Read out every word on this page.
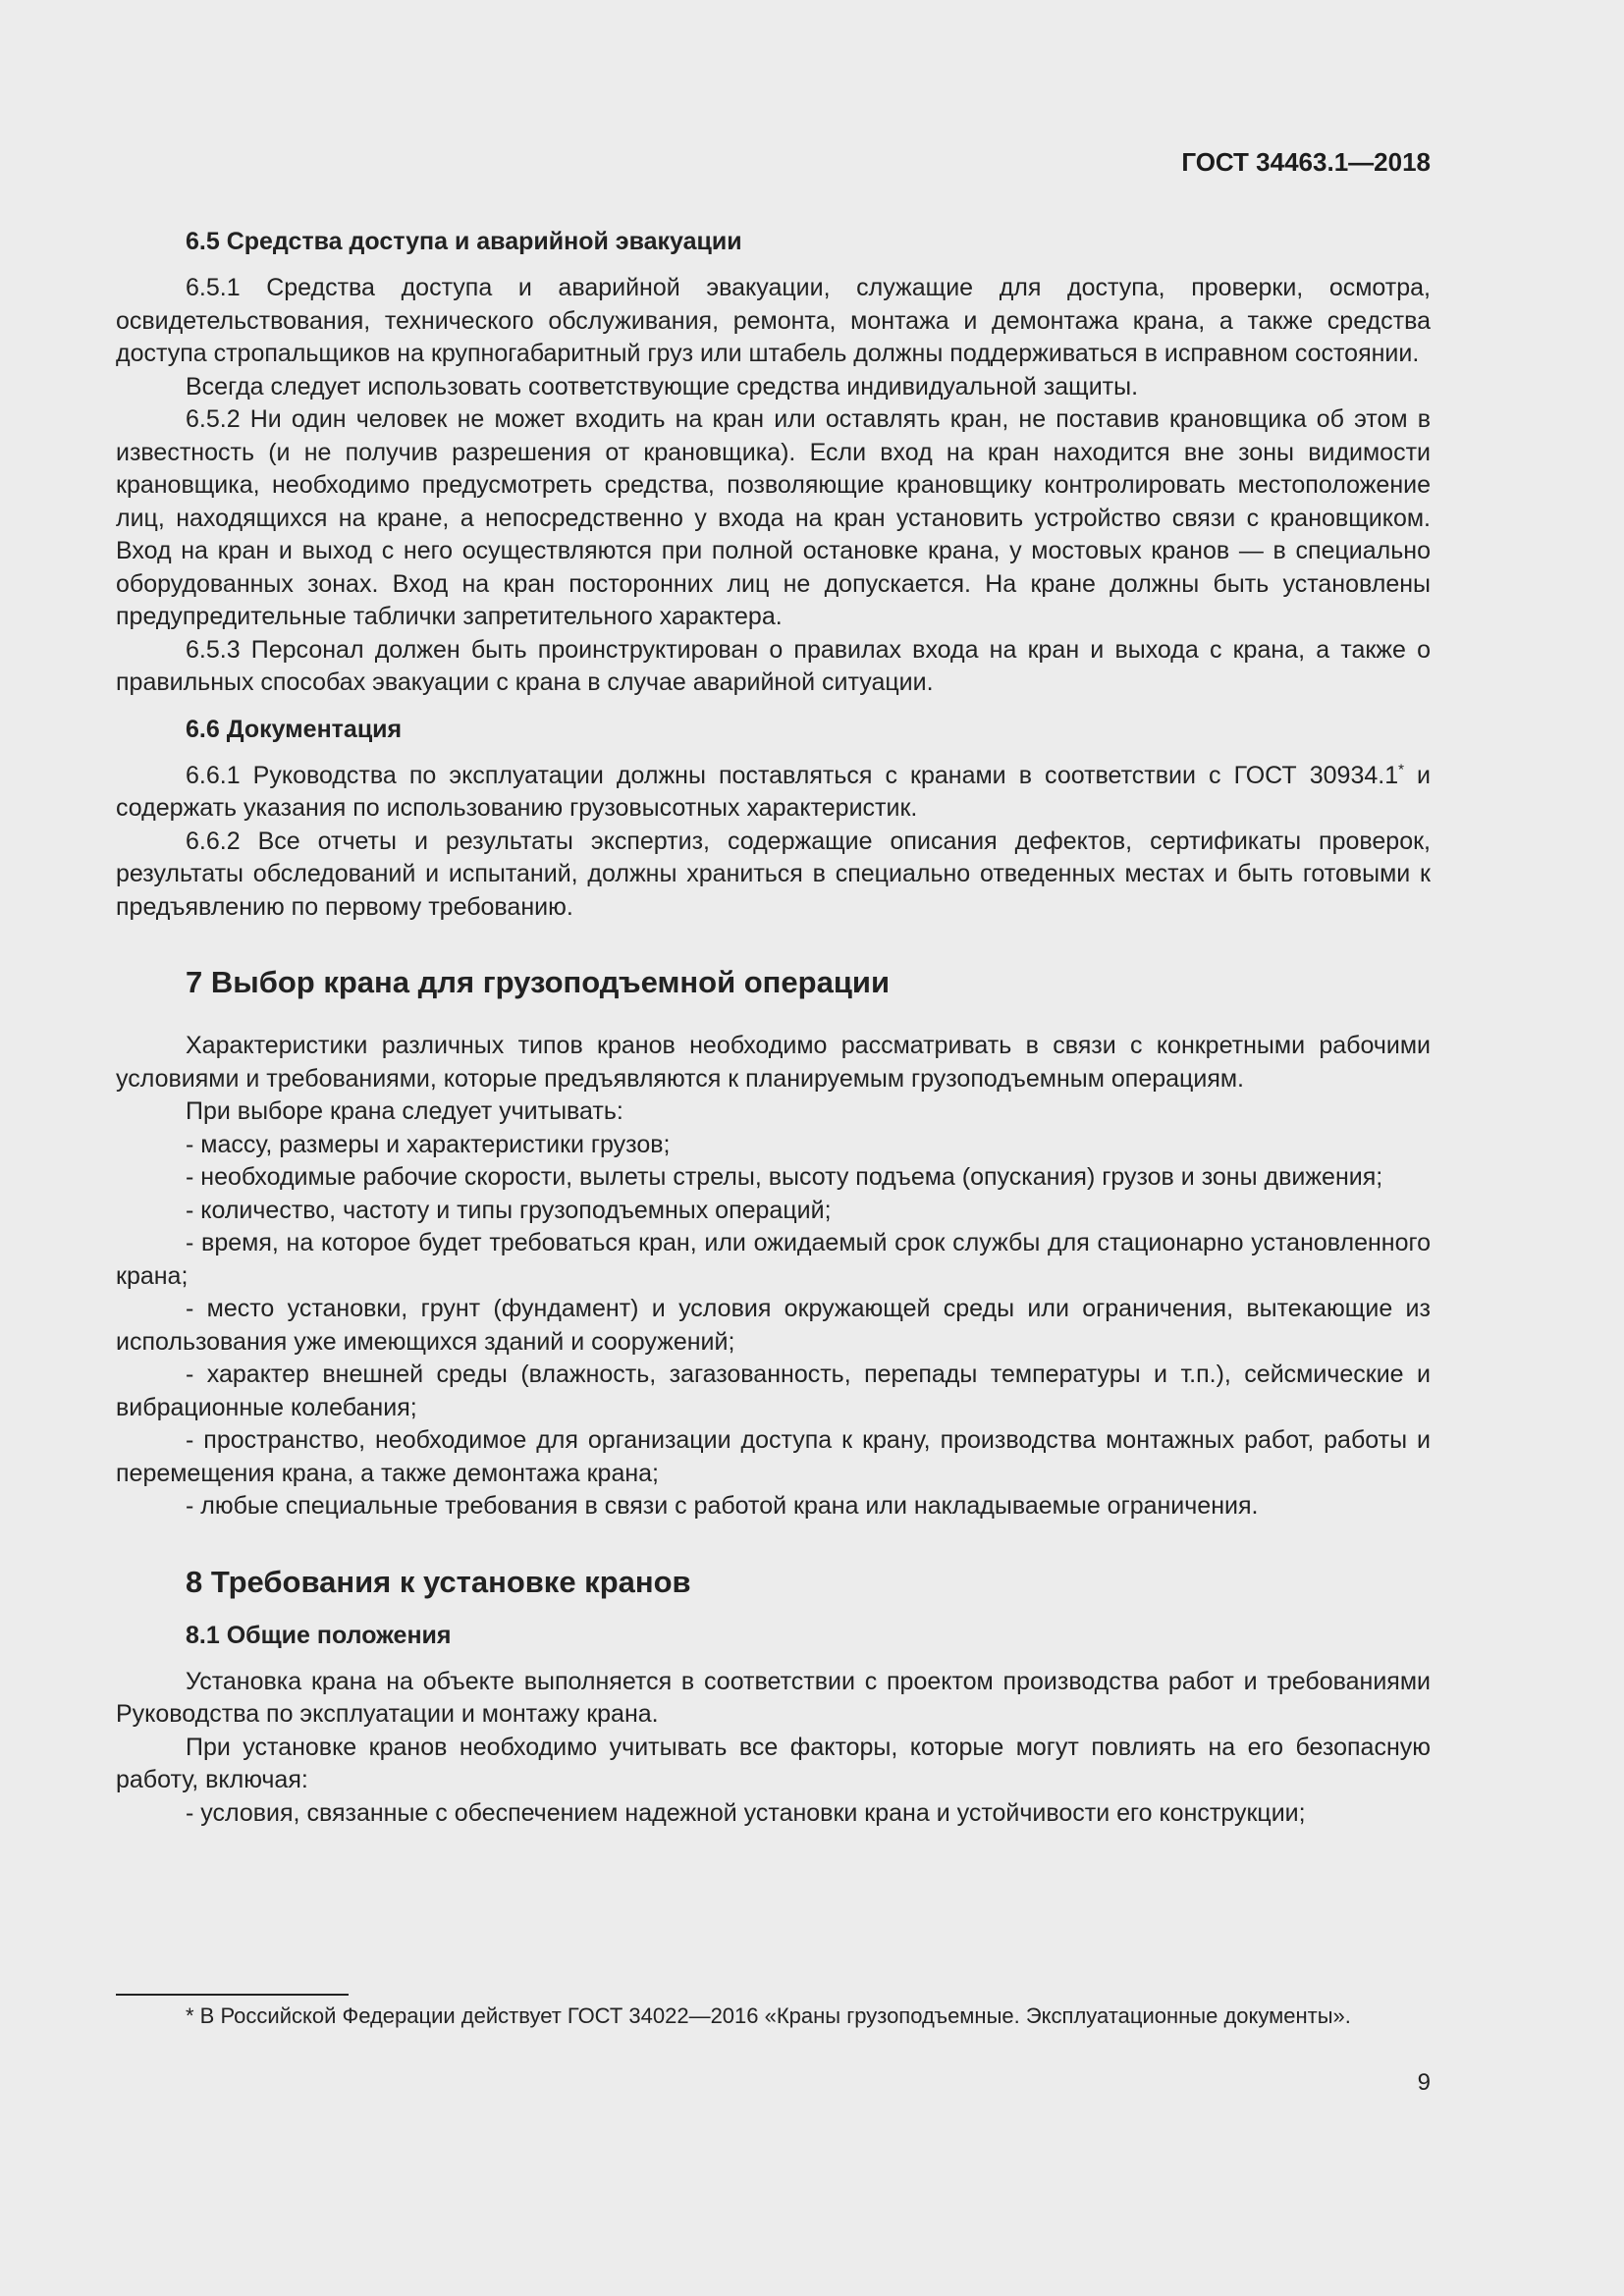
ГОСТ 34463.1—2018
6.5 Средства доступа и аварийной эвакуации

6.5.1 Средства доступа и аварийной эвакуации, служащие для доступа, проверки, осмотра, освидетельствования, технического обслуживания, ремонта, монтажа и демонтажа крана, а также средства доступа стропальщиков на крупногабаритный груз или штабель должны поддерживаться в исправном состоянии.

Всегда следует использовать соответствующие средства индивидуальной защиты.

6.5.2 Ни один человек не может входить на кран или оставлять кран, не поставив крановщика об этом в известность (и не получив разрешения от крановщика). Если вход на кран находится вне зоны видимости крановщика, необходимо предусмотреть средства, позволяющие крановщику контролировать местоположение лиц, находящихся на кране, а непосредственно у входа на кран установить устройство связи с крановщиком. Вход на кран и выход с него осуществляются при полной остановке крана, у мостовых кранов — в специально оборудованных зонах. Вход на кран посторонних лиц не допускается. На кране должны быть установлены предупредительные таблички запретительного характера.

6.5.3 Персонал должен быть проинструктирован о правилах входа на кран и выхода с крана, а также о правильных способах эвакуации с крана в случае аварийной ситуации.

6.6 Документация

6.6.1 Руководства по эксплуатации должны поставляться с кранами в соответствии с ГОСТ 30934.1* и содержать указания по использованию грузовысотных характеристик.

6.6.2 Все отчеты и результаты экспертиз, содержащие описания дефектов, сертификаты проверок, результаты обследований и испытаний, должны храниться в специально отведенных местах и быть готовыми к предъявлению по первому требованию.

7 Выбор крана для грузоподъемной операции

Характеристики различных типов кранов необходимо рассматривать в связи с конкретными рабочими условиями и требованиями, которые предъявляются к планируемым грузоподъемным операциям.

При выборе крана следует учитывать:

- массу, размеры и характеристики грузов;

- необходимые рабочие скорости, вылеты стрелы, высоту подъема (опускания) грузов и зоны движения;

- количество, частоту и типы грузоподъемных операций;

- время, на которое будет требоваться кран, или ожидаемый срок службы для стационарно установленного крана;

- место установки, грунт (фундамент) и условия окружающей среды или ограничения, вытекающие из использования уже имеющихся зданий и сооружений;

- характер внешней среды (влажность, загазованность, перепады температуры и т.п.), сейсмические и вибрационные колебания;

- пространство, необходимое для организации доступа к крану, производства монтажных работ, работы и перемещения крана, а также демонтажа крана;

- любые специальные требования в связи с работой крана или накладываемые ограничения.

8 Требования к установке кранов
8.1 Общие положения

Установка крана на объекте выполняется в соответствии с проектом производства работ и требованиями Руководства по эксплуатации и монтажу крана.

При установке кранов необходимо учитывать все факторы, которые могут повлиять на его безопасную работу, включая:

- условия, связанные с обеспечением надежной установки крана и устойчивости его конструкции;

* В Российской Федерации действует ГОСТ 34022—2016 «Краны грузоподъемные. Эксплуатационные документы».
9
